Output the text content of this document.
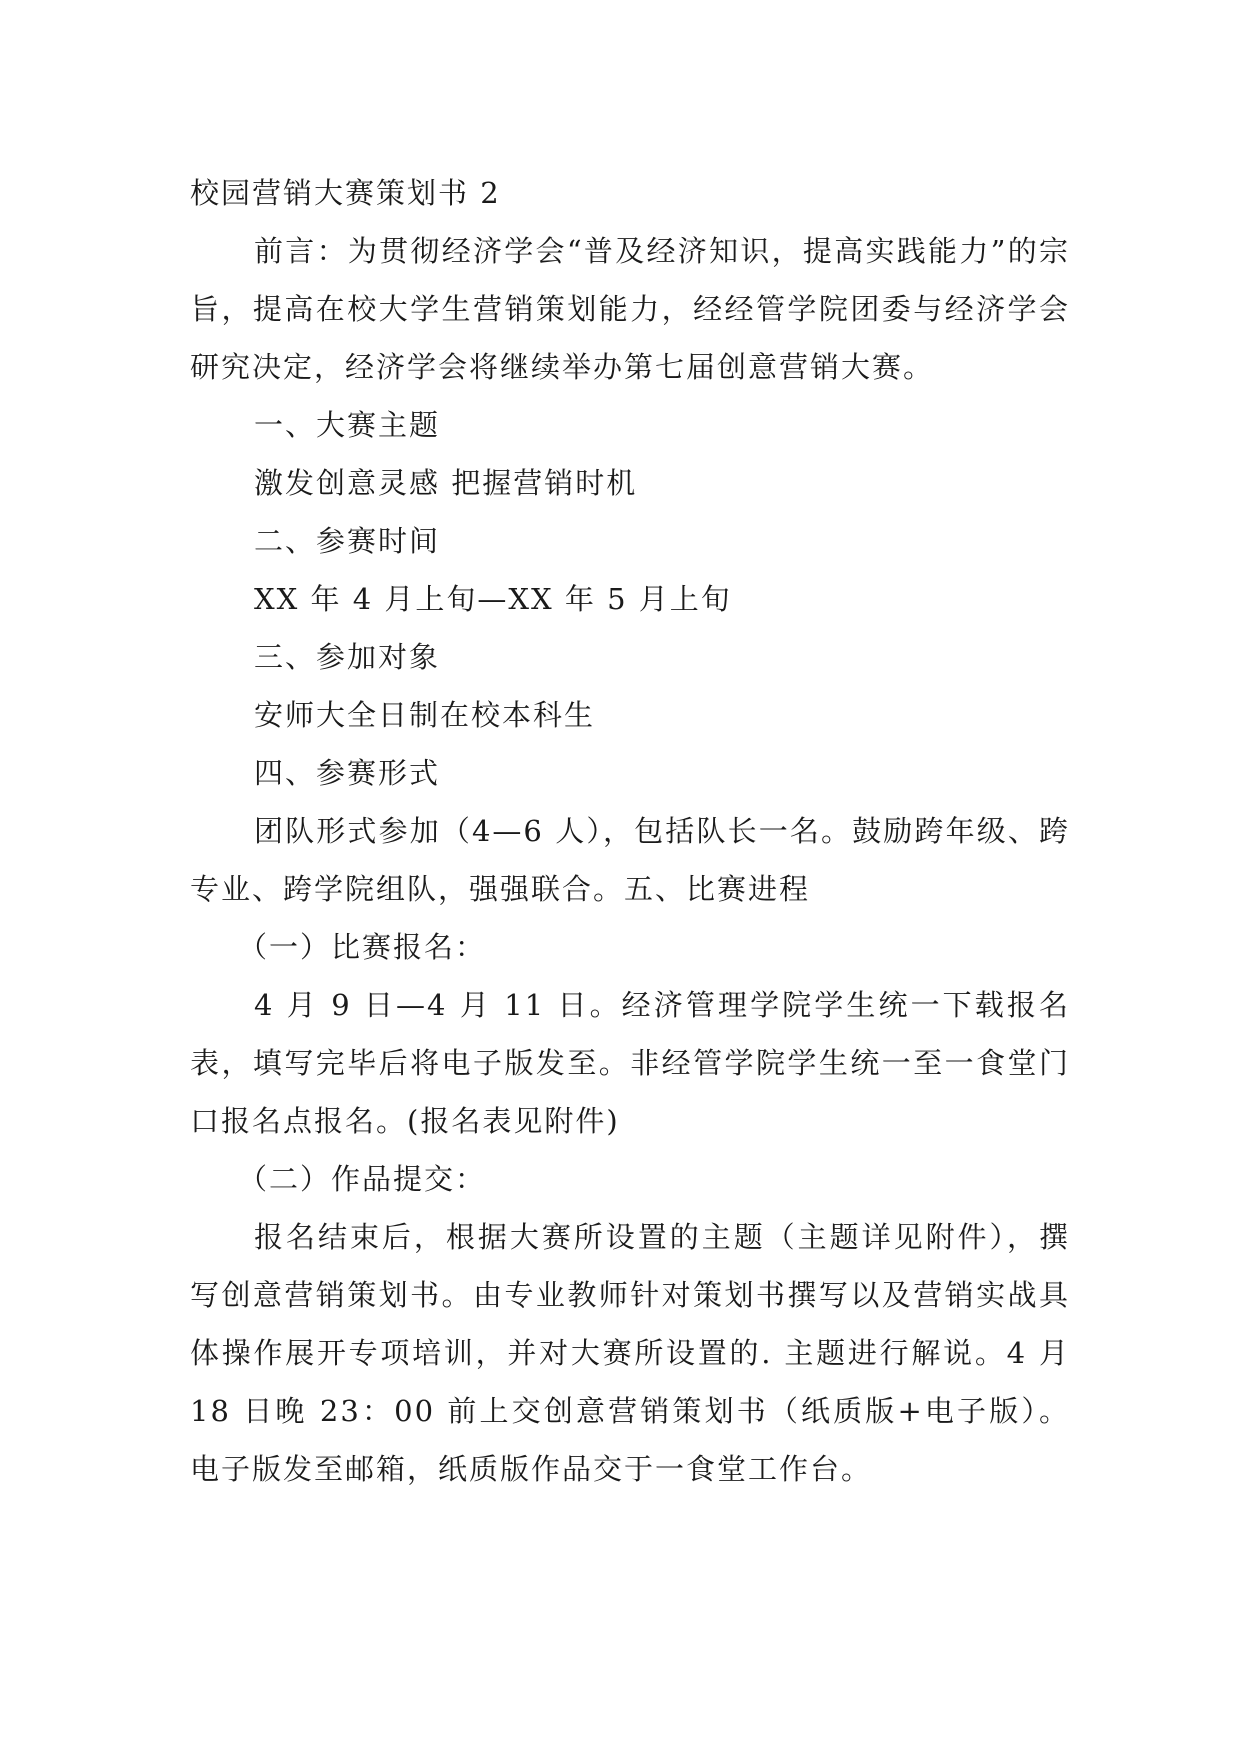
校园营销大赛策划书 2

前言：为贯彻经济学会“普及经济知识，提高实践能力”的宗旨，提高在校大学生营销策划能力，经经管学院团委与经济学会研究决定，经济学会将继续举办第七届创意营销大赛。

一、大赛主题

激发创意灵感 把握营销时机

二、参赛时间

XX 年 4 月上旬—XX 年 5 月上旬

三、参加对象

安师大全日制在校本科生

四、参赛形式

团队形式参加（4—6 人），包括队长一名。鼓励跨年级、跨专业、跨学院组队，强强联合。五、比赛进程

（一）比赛报名：

4 月 9 日—4 月 11 日。经济管理学院学生统一下载报名表，填写完毕后将电子版发至。非经管学院学生统一至一食堂门口报名点报名。(报名表见附件)

（二）作品提交：

报名结束后，根据大赛所设置的主题（主题详见附件），撰写创意营销策划书。由专业教师针对策划书撰写以及营销实战具体操作展开专项培训，并对大赛所设置的. 主题进行解说。4 月 18 日晚 23：00 前上交创意营销策划书（纸质版+电子版）。电子版发至邮箱，纸质版作品交于一食堂工作台。
